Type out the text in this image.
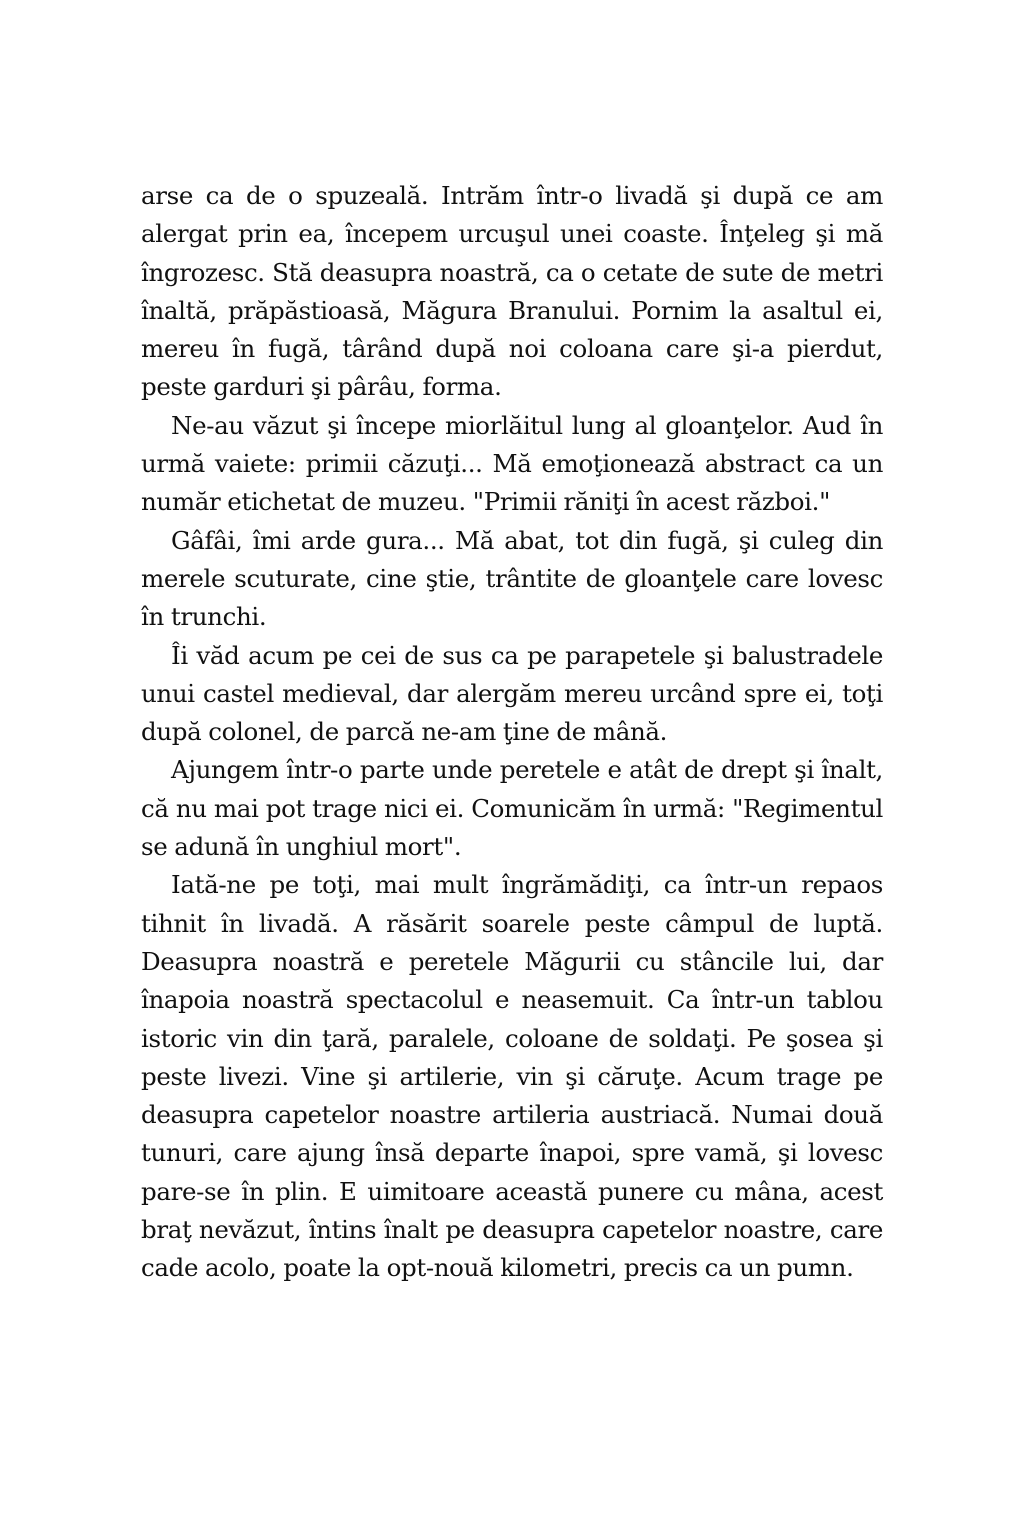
arse ca de o spuzeală. Intrăm într-o livadă şi după ce am alergat prin ea, începem urcuşul unei coaste. Înţeleg şi mă îngrozesc. Stă deasupra noastră, ca o cetate de sute de metri înaltă, prăpăstioasă, Măgura Branului. Pornim la asaltul ei, mereu în fugă, târând după noi coloana care şi-a pierdut, peste garduri şi pârâu, forma.

Ne-au văzut şi începe miorlăitul lung al gloanţelor. Aud în urmă vaiete: primii căzuţi... Mă emoţionează abstract ca un număr etichetat de muzeu. "Primii răniţi în acest război."

Gâfâi, îmi arde gura... Mă abat, tot din fugă, şi culeg din merele scuturate, cine ştie, trântite de gloanţele care lovesc în trunchi.

Îi văd acum pe cei de sus ca pe parapetele şi balustradele unui castel medieval, dar alergăm mereu urcând spre ei, toţi după colonel, de parcă ne-am ţine de mână.

Ajungem într-o parte unde peretele e atât de drept şi înalt, că nu mai pot trage nici ei. Comunicăm în urmă: "Regimentul se adună în unghiul mort".

Iată-ne pe toţi, mai mult îngrămădiţi, ca într-un repaos tihnit în livadă. A răsărit soarele peste câmpul de luptă. Deasupra noastră e peretele Măgurii cu stâncile lui, dar înapoia noastră spectacolul e neasemuit. Ca într-un tablou istoric vin din ţară, paralele, coloane de soldaţi. Pe şosea şi peste livezi. Vine şi artilerie, vin şi căruţe. Acum trage pe deasupra capetelor noastre artileria austriacă. Numai două tunuri, care ajung însă departe înapoi, spre vamă, şi lovesc pare-se în plin. E uimitoare această punere cu mâna, acest braţ nevăzut, întins înalt pe deasupra capetelor noastre, care cade acolo, poate la opt-nouă kilometri, precis ca un pumn.
